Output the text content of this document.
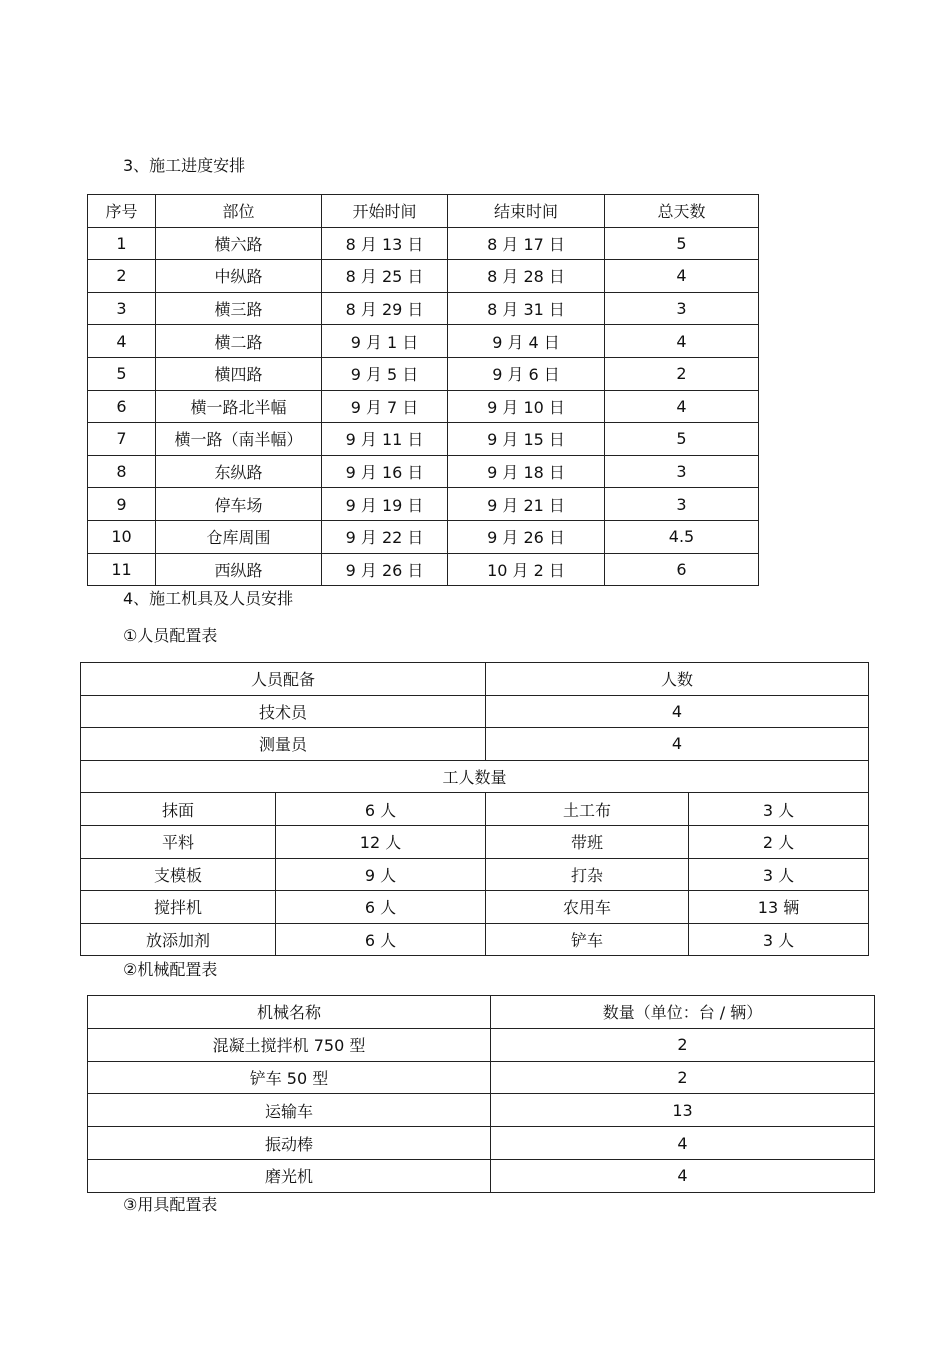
3、施工进度安排
序号	部位	开始时间	结束时间	总天数
1	横六路	8 月 13 日	8 月 17 日	5
2	中纵路	8 月 25 日	8 月 28 日	4
3	横三路	8 月 29 日	8 月 31 日	3
4	横二路	9 月 1 日	9 月 4 日	4
5	横四路	9 月 5 日	9 月 6 日	2
6	横一路北半幅	9 月 7 日	9 月 10 日	4
7	横一路（南半幅）	9 月 11 日	9 月 15 日	5
8	东纵路	9 月 16 日	9 月 18 日	3
9	停车场	9 月 19 日	9 月 21 日	3
10	仓库周围	9 月 22 日	9 月 26 日	4.5
11	西纵路	9 月 26 日	10 月 2 日	6
4、施工机具及人员安排
①人员配置表
人员配备		人数	
技术员		4	
测量员		4	
工人数量			
抹面	6 人	土工布	3 人
平料	12 人	带班	2 人
支模板	9 人	打杂	3 人
搅拌机	6 人	农用车	13 辆
放添加剂	6 人	铲车	3 人
②机械配置表
机械名称	数量（单位：台 / 辆）
混凝土搅拌机 750 型	2
铲车 50 型	2
运输车	13
振动棒	4
磨光机	4
③用具配置表
